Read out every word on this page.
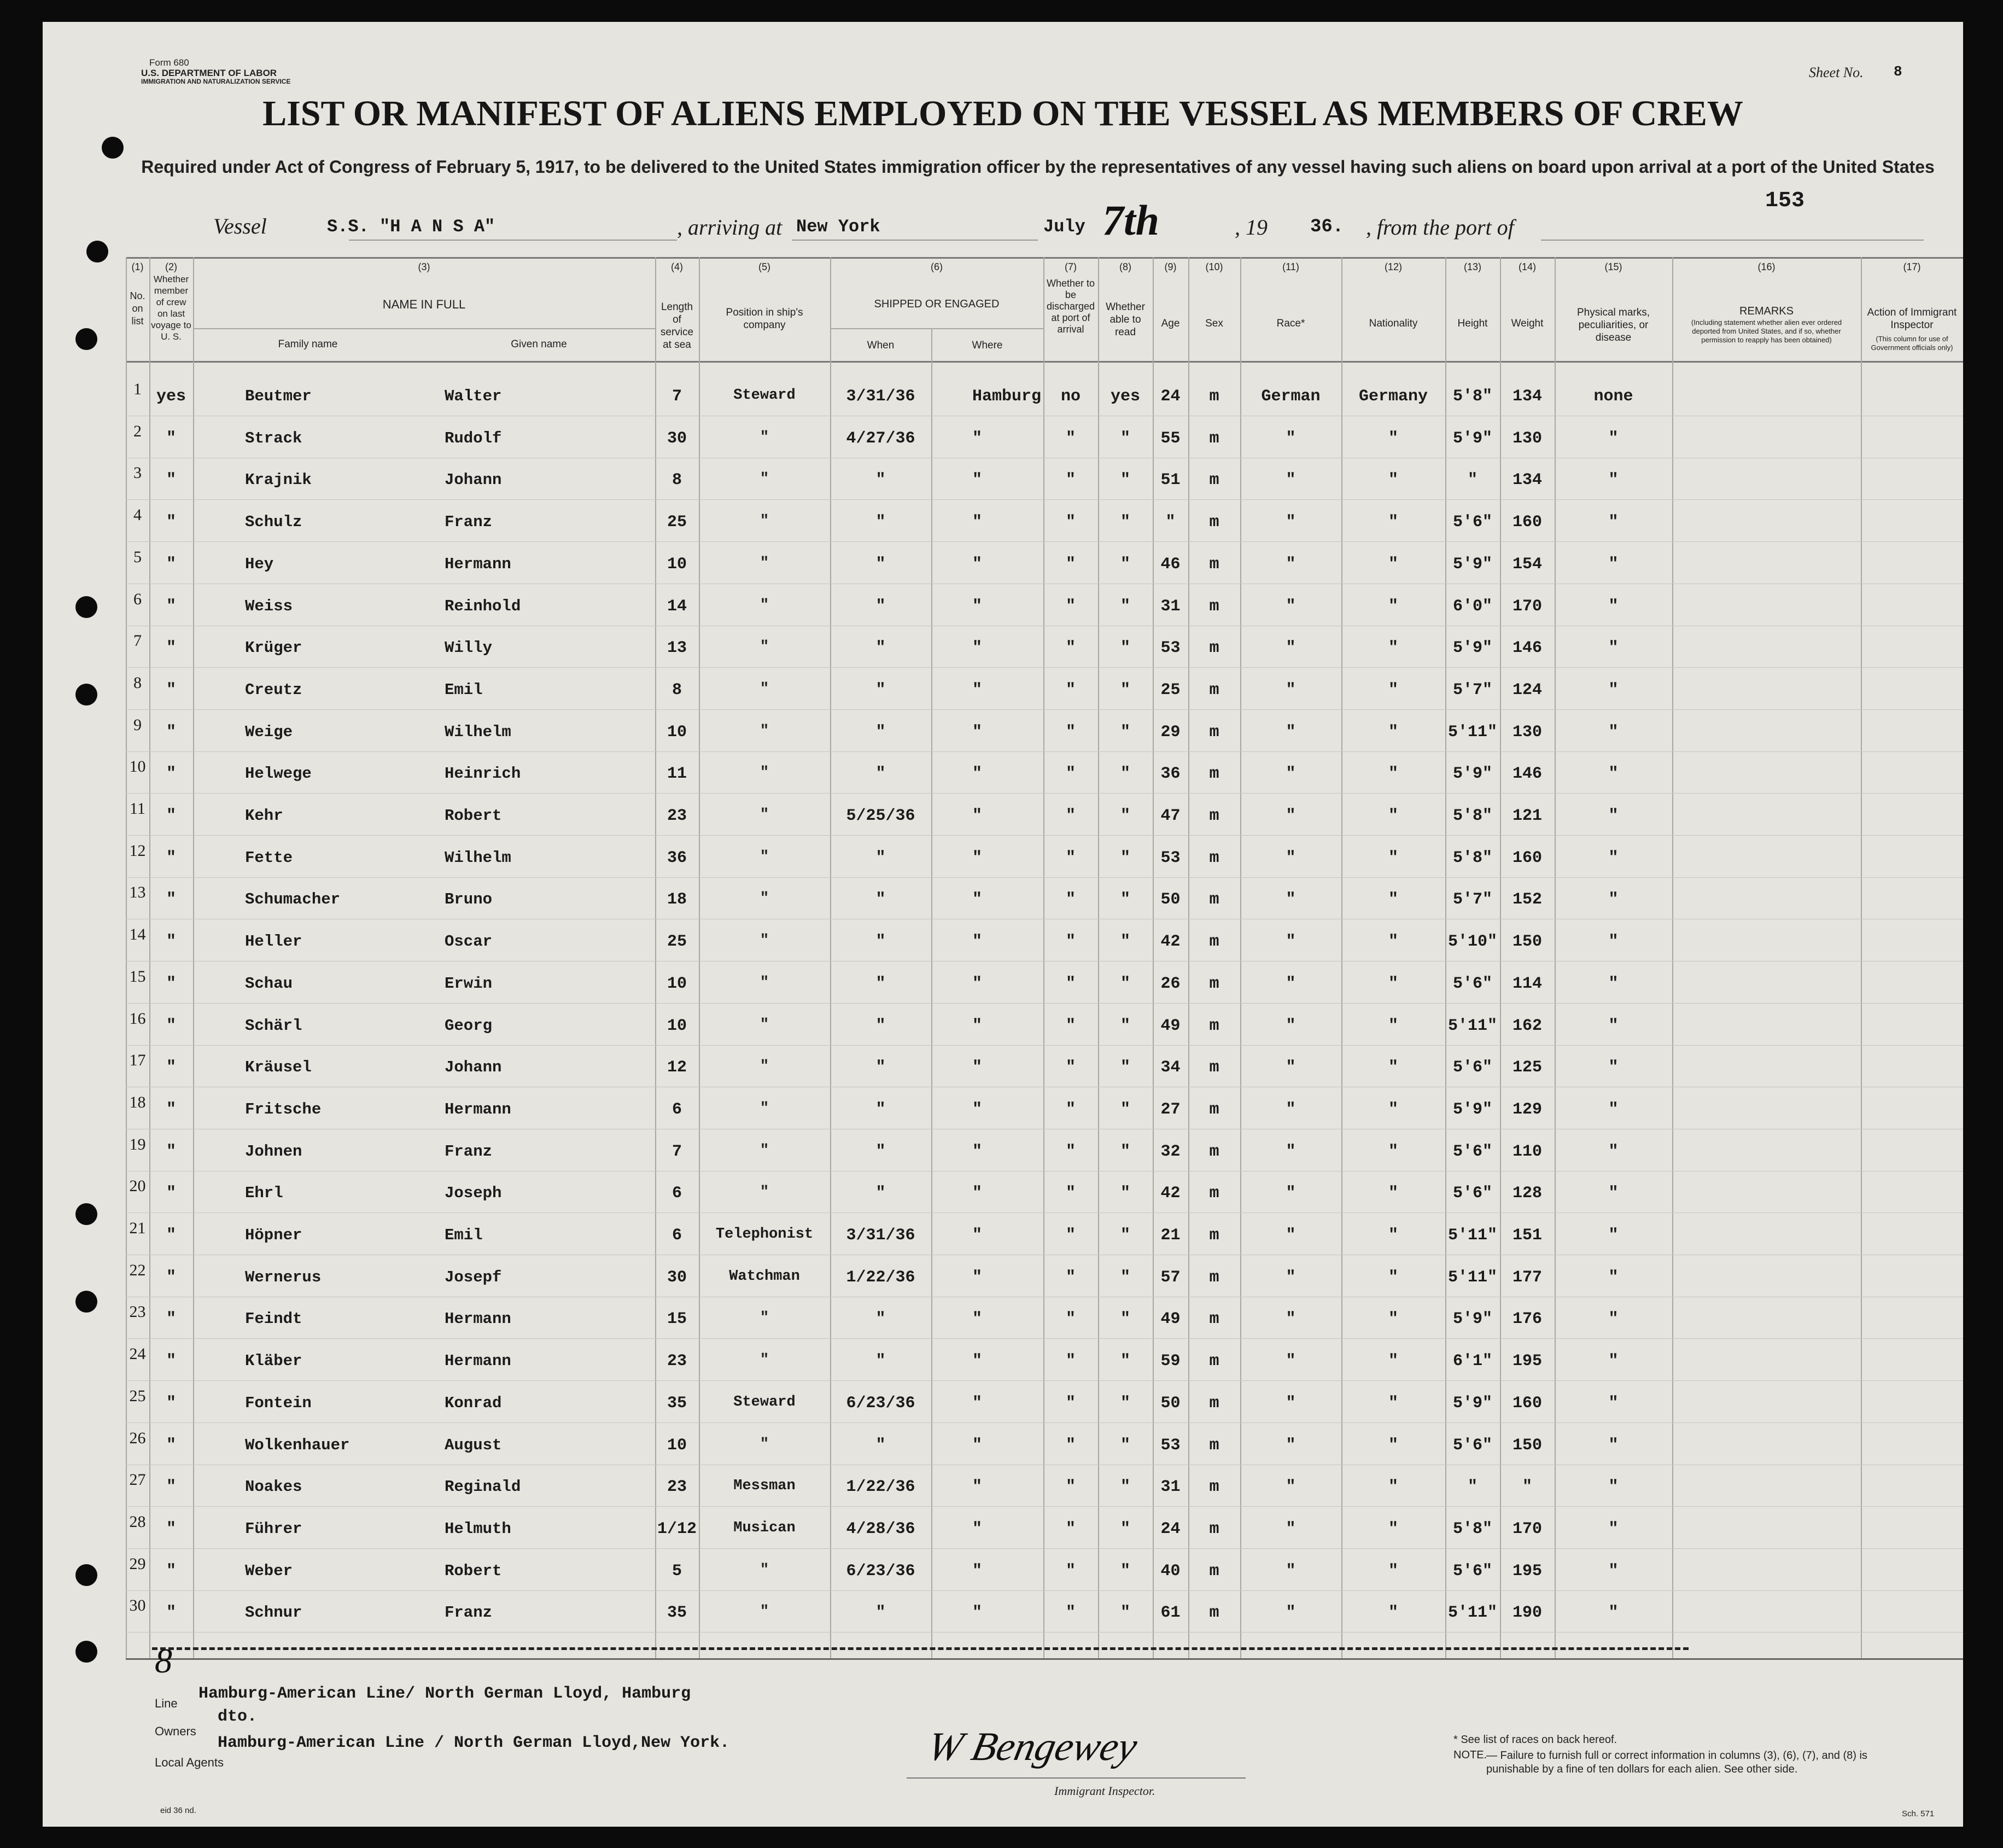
Form 680
U.S. DEPARTMENT OF LABOR
IMMIGRATION AND NATURALIZATION SERVICE
Sheet No. 8
LIST OR MANIFEST OF ALIENS EMPLOYED ON THE VESSEL AS MEMBERS OF CREW
Required under Act of Congress of February 5, 1917, to be delivered to the United States immigration officer by the representatives of any vessel having such aliens on board upon arrival at a port of the United States
153
Vessel	S.S. "H A N S A"	, arriving at New York	July 7th	, 19 36. , from the port of
(1)
No. on list
(2)
Whether member of crew on last voyage to U. S.
(3)
NAME IN FULL
Family name	Given name
(4)
Length of service at sea
(5)
Position in ship's company
(6)
SHIPPED OR ENGAGED
When	Where
(7)
Whether to be discharged at port of arrival
(8)
Whether able to read
(9)
Age
(10)
Sex
(11)
Race*
(12)
Nationality
(13)
Height
(14)
Weight
(15)
Physical marks, peculiarities, or disease
(16)
REMARKS
(Including statement whether alien ever ordered deported from United States, and if so, whether permission to reapply has been obtained)
(17)
Action of Immigrant Inspector
(This column for use of Government officials only)
1 yes	Beutmer	Walter	7	Steward	3/31/36	Hamburg	no	yes	24	m	German	Germany	5'8"	134	none
2	"	Strack	Rudolf	30	"	4/27/36	"	"	"	55	m	"	"	5'9"	130	"
3	"	Krajnik	Johann	8	"	"	"	"	"	51	m	"	"	"	134	"
4	"	Schulz	Franz	25	"	"	"	"	"	"	m	"	"	5'6"	160	"
5	"	Hey	Hermann	10	"	"	"	"	"	46	m	"	"	5'9"	154	"
6	"	Weiss	Reinhold	14	"	"	"	"	"	31	m	"	"	6'0"	170	"
7	"	Krüger	Willy	13	"	"	"	"	"	53	m	"	"	5'9"	146	"
8	"	Creutz	Emil	8	"	"	"	"	"	25	m	"	"	5'7"	124	"
9	"	Weige	Wilhelm	10	"	"	"	"	"	29	m	"	"	5'11" 130	"
10	"	Helwege	Heinrich	11	"	"	"	"	"	36	m	"	"	5'9"	146	"
11	"	Kehr	Robert	23	"	5/25/36	"	"	"	47	m	"	"	5'8"	121	"
12	"	Fette	Wilhelm	36	"	"	"	"	"	53	m	"	"	5'8"	160	"
13	"	Schumacher	Bruno	18	"	"	"	"	"	50	m	"	"	5'7"	152	"
14	"	Heller	Oscar	25	"	"	"	"	"	42	m	"	"	5'10" 150	"
15	"	Schau	Erwin	10	"	"	"	"	"	26	m	"	"	5'6"	114	"
16	"	Schärl	Georg	10	"	"	"	"	"	49	m	"	"	5'11" 162	"
17	"	Kräusel	Johann	12	"	"	"	"	"	34	m	"	"	5'6"	125	"
18	"	Fritsche	Hermann	6	"	"	"	"	"	27	m	"	"	5'9"	129	"
19	"	Johnen	Franz	7	"	"	"	"	"	32	m	"	"	5'6"	110	"
20	"	Ehrl	Joseph	6	"	"	"	"	"	42	m	"	"	5'6"	128	"
21	"	Höpner	Emil	6	Telephonist	3/31/36	"	"	"	21	m	"	"	5'11" 151	"
22	"	Wernerus	Josepf	30	Watchman	1/22/36	"	"	"	57	m	"	"	5'11" 177	"
23	"	Feindt	Hermann	15	"	"	"	"	"	49	m	"	"	5'9"	176	"
24	"	Kläber	Hermann	23	"	"	"	"	"	59	m	"	"	6'1"	195	"
25	"	Fontein	Konrad	35	Steward	6/23/36	"	"	"	50	m	"	"	5'9"	160	"
26	"	Wolkenhauer	August	10	"	"	"	"	"	53	m	"	"	5'6"	150	"
27	"	Noakes	Reginald	23	Messman	1/22/36	"	"	"	31	m	"	"	"	"	"
28	"	Führer	Helmuth	1/12	Musican	4/28/36	"	"	"	24	m	"	"	5'8"	170	"
29	"	Weber	Robert	5	"	6/23/36	"	"	"	40	m	"	"	5'6"	195	"
30	"	Schnur	Franz	35	"	"	"	"	"	61	m	"	"	5'11" 190	"
8
Line
Hamburg-American Line/ North German Lloyd, Hamburg
Owners
dto.
Local Agents
Hamburg-American Line / North German Lloyd,New York.	W Bengewey
Immigrant Inspector.
* See list of races on back hereof.
NOTE.
— Failure to furnish full or correct information in columns (3), (6), (7), and (8) is punishable by a fine of ten dollars for each alien. See other side.
eid 36 nd.	Sch. 571
